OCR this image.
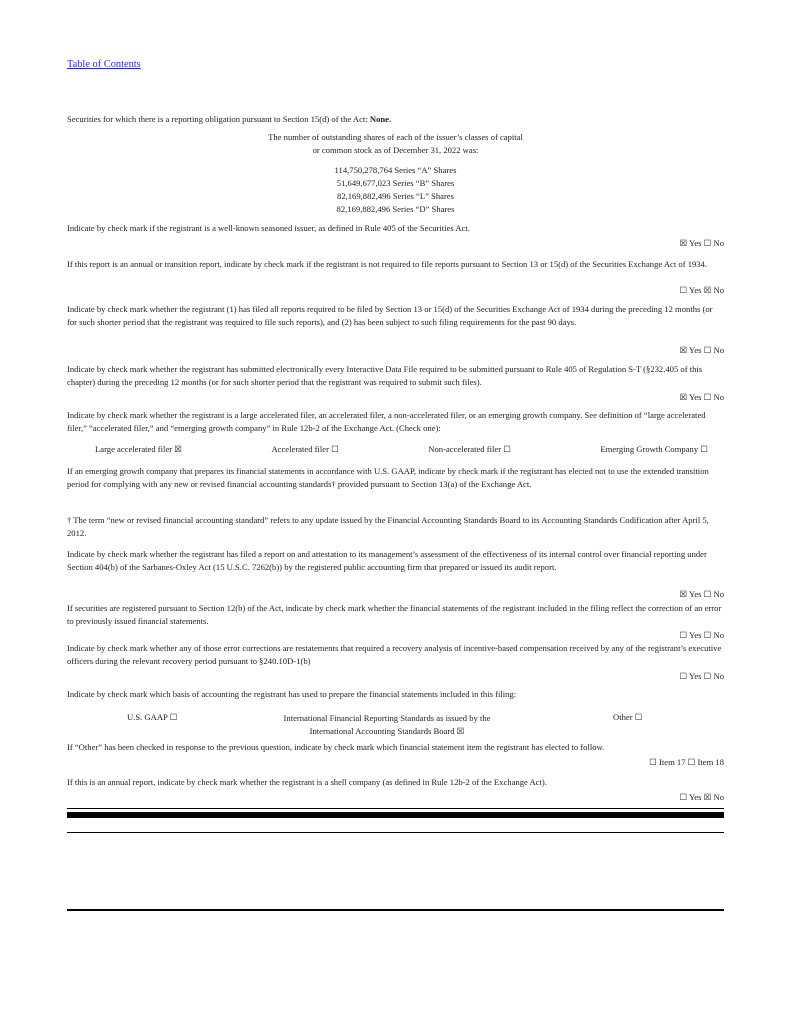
Table of Contents

Securities for which there is a reporting obligation pursuant to Section 15(d) of the Act: None.

The number of outstanding shares of each of the issuer’s classes of capital

or common stock as of December 31, 2022 was:

114,750,278,764 Series “A” Shares

51,649,677,023 Series “B” Shares

82,169,882,496 Series “L” Shares

82,169,882,496 Series “D” Shares

Indicate by check mark if the registrant is a well-known seasoned issuer, as defined in Rule 405 of the Securities Act.

☒ Yes ☐ No

If this report is an annual or transition report, indicate by check mark if the registrant is not required to file reports pursuant to Section 13 or 15(d) of the Securities Exchange Act of 1934.

☐ Yes ☒ No

Indicate by check mark whether the registrant (1) has filed all reports required to be filed by Section 13 or 15(d) of the Securities Exchange Act of 1934 during the preceding 12 months (or for such shorter period that the registrant was required to file such reports), and (2) has been subject to such filing requirements for the past 90 days.

☒ Yes ☐ No

Indicate by check mark whether the registrant has submitted electronically every Interactive Data File required to be submitted pursuant to Rule 405 of Regulation S-T (§232.405 of this chapter) during the preceding 12 months (or for such shorter period that the registrant was required to submit such files).

☒ Yes ☐ No

Indicate by check mark whether the registrant is a large accelerated filer, an accelerated filer, a non-accelerated filer, or an emerging growth company. See definition of “large accelerated filer,” “accelerated filer,” and “emerging growth company” in Rule 12b-2 of the Exchange Act. (Check one):

Large accelerated filer ☒	Accelerated filer ☐	Non-accelerated filer ☐	Emerging Growth Company ☐

If an emerging growth company that prepares its financial statements in accordance with U.S. GAAP, indicate by check mark if the registrant has elected not to use the extended transition period for complying with any new or revised financial accounting standards† provided pursuant to Section 13(a) of the Exchange Act.

† The term “new or revised financial accounting standard” refers to any update issued by the Financial Accounting Standards Board to its Accounting Standards Codification after April 5, 2012.

Indicate by check mark whether the registrant has filed a report on and attestation to its management’s assessment of the effectiveness of its internal control over financial reporting under Section 404(b) of the Sarbanes-Oxley Act (15 U.S.C. 7262(b)) by the registered public accounting firm that prepared or issued its audit report.

☒ Yes ☐ No

If securities are registered pursuant to Section 12(b) of the Act, indicate by check mark whether the financial statements of the registrant included in the filing reflect the correction of an error to previously issued financial statements.

☐ Yes ☐ No

Indicate by check mark whether any of those error corrections are restatements that required a recovery analysis of incentive-based compensation received by any of the registrant’s executive officers during the relevant recovery period pursuant to §240.10D-1(b)

☐ Yes ☐ No

Indicate by check mark which basis of accounting the registrant has used to prepare the financial statements included in this filing:

U.S. GAAP ☐	International Financial Reporting Standards as issued by the
International Accounting Standards Board ☒
Other ☐

If “Other” has been checked in response to the previous question, indicate by check mark which financial statement item the registrant has elected to follow.

☐ Item 17 ☐ Item 18

If this is an annual report, indicate by check mark whether the registrant is a shell company (as defined in Rule 12b-2 of the Exchange Act).

☐ Yes ☒ No
